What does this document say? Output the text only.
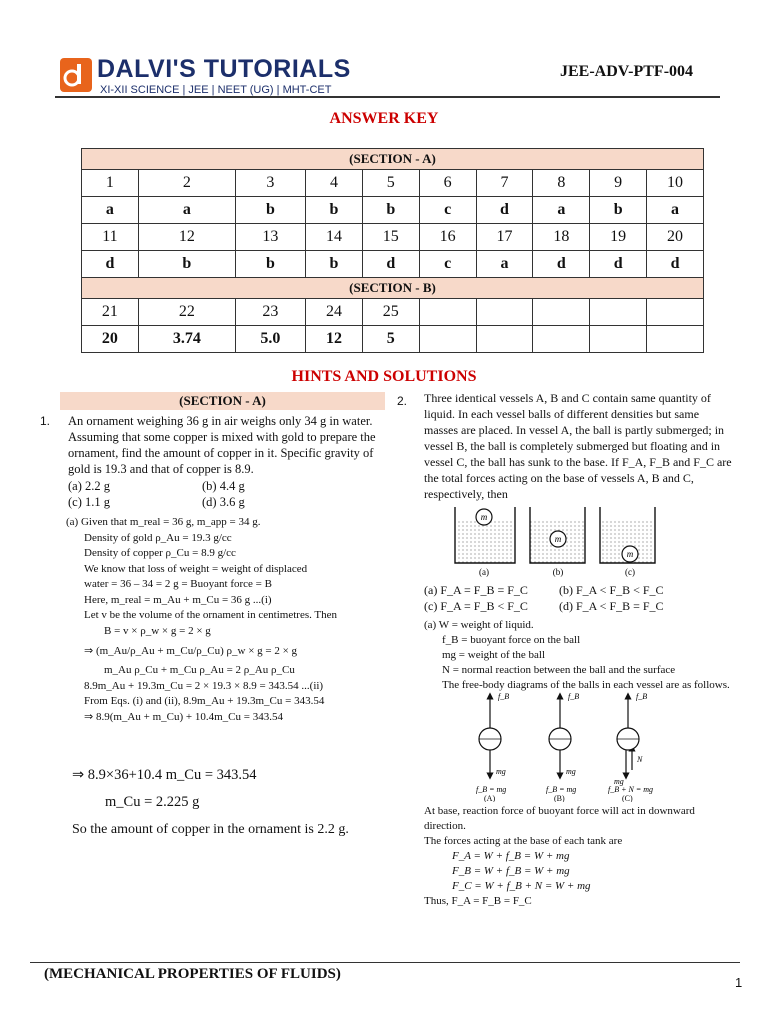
DALVI'S TUTORIALS
XI-XII SCIENCE | JEE | NEET (UG) | MHT-CET
JEE-ADV-PTF-004
ANSWER KEY
(SECTION - A)									
1	2	3	4	5	6	7	8	9	10
a	a	b	b	b	c	d	a	b	a
11	12	13	14	15	16	17	18	19	20
d	b	b	b	d	c	a	d	d	d
(SECTION - B)									
21	22	23	24	25					
20	3.74	5.0	12	5					
HINTS AND SOLUTIONS
(SECTION - A)
1. An ornament weighing 36 g in air weighs only 34 g in water. Assuming that some copper is mixed with gold to prepare the ornament, find the amount of copper in it. Specific gravity of gold is 19.3 and that of copper is 8.9.
(a) 2.2 g	(b) 4.4 g
(c) 1.1 g	(d) 3.6 g
(a) Given that m_real = 36 g, m_app = 34 g.
Density of gold ρ_Au = 19.3 g/cc
Density of copper ρ_Cu = 8.9 g/cc
We know that loss of weight = weight of displaced
water = 36 – 34 = 2 g = Buoyant force = B
Here, m_real = m_Au + m_Cu = 36 g ...(i)
Let v be the volume of the ornament in centimetres. Then
B = v × ρ_w × g = 2 × g
⇒ (m_Au/ρ_Au + m_Cu/ρ_Cu) ρ_w × g = 2 × g
m_Au ρ_Cu + m_Cu ρ_Au = 2 ρ_Au ρ_Cu
8.9m_Au + 19.3m_Cu = 2 × 19.3 × 8.9 = 343.54 ...(ii)
From Eqs. (i) and (ii), 8.9m_Au + 19.3m_Cu = 343.54
⇒ 8.9(m_Au + m_Cu) + 10.4m_Cu = 343.54
⇒ 8.9×36+10.4 m_Cu = 343.54
m_Cu = 2.225 g
So the amount of copper in the ornament is 2.2 g.
2. Three identical vessels A, B and C contain same quantity of liquid. In each vessel balls of different densities but same masses are placed. In vessel A, the ball is partly submerged; in vessel B, the ball is completely submerged but floating and in vessel C, the ball has sunk to the base. If F_A, F_B and F_C are the total forces acting on the base of vessels A, B and C, respectively, then
m
m
m
(a)	(b)	(c)
(a) F_A = F_B = F_C	(b) F_A < F_B < F_C
(c) F_A = F_B < F_C	(d) F_A < F_B = F_C
(a) W = weight of liquid.
f_B = buoyant force on the ball
mg = weight of the ball
N = normal reaction between the ball and the surface
The free-body diagrams of the balls in each vessel are as follows.
f_B	f_B	f_B
mg	mg
mg
N
f_B = mg	f_B = mg	f_B + N = mg
(A)	(B)	(C)
At base, reaction force of buoyant force will act in downward
direction.
The forces acting at the base of each tank are
F_A = W + f_B = W + mg
F_B = W + f_B = W + mg
F_C = W + f_B + N = W + mg
Thus, F_A = F_B = F_C
(MECHANICAL PROPERTIES OF FLUIDS)
1
